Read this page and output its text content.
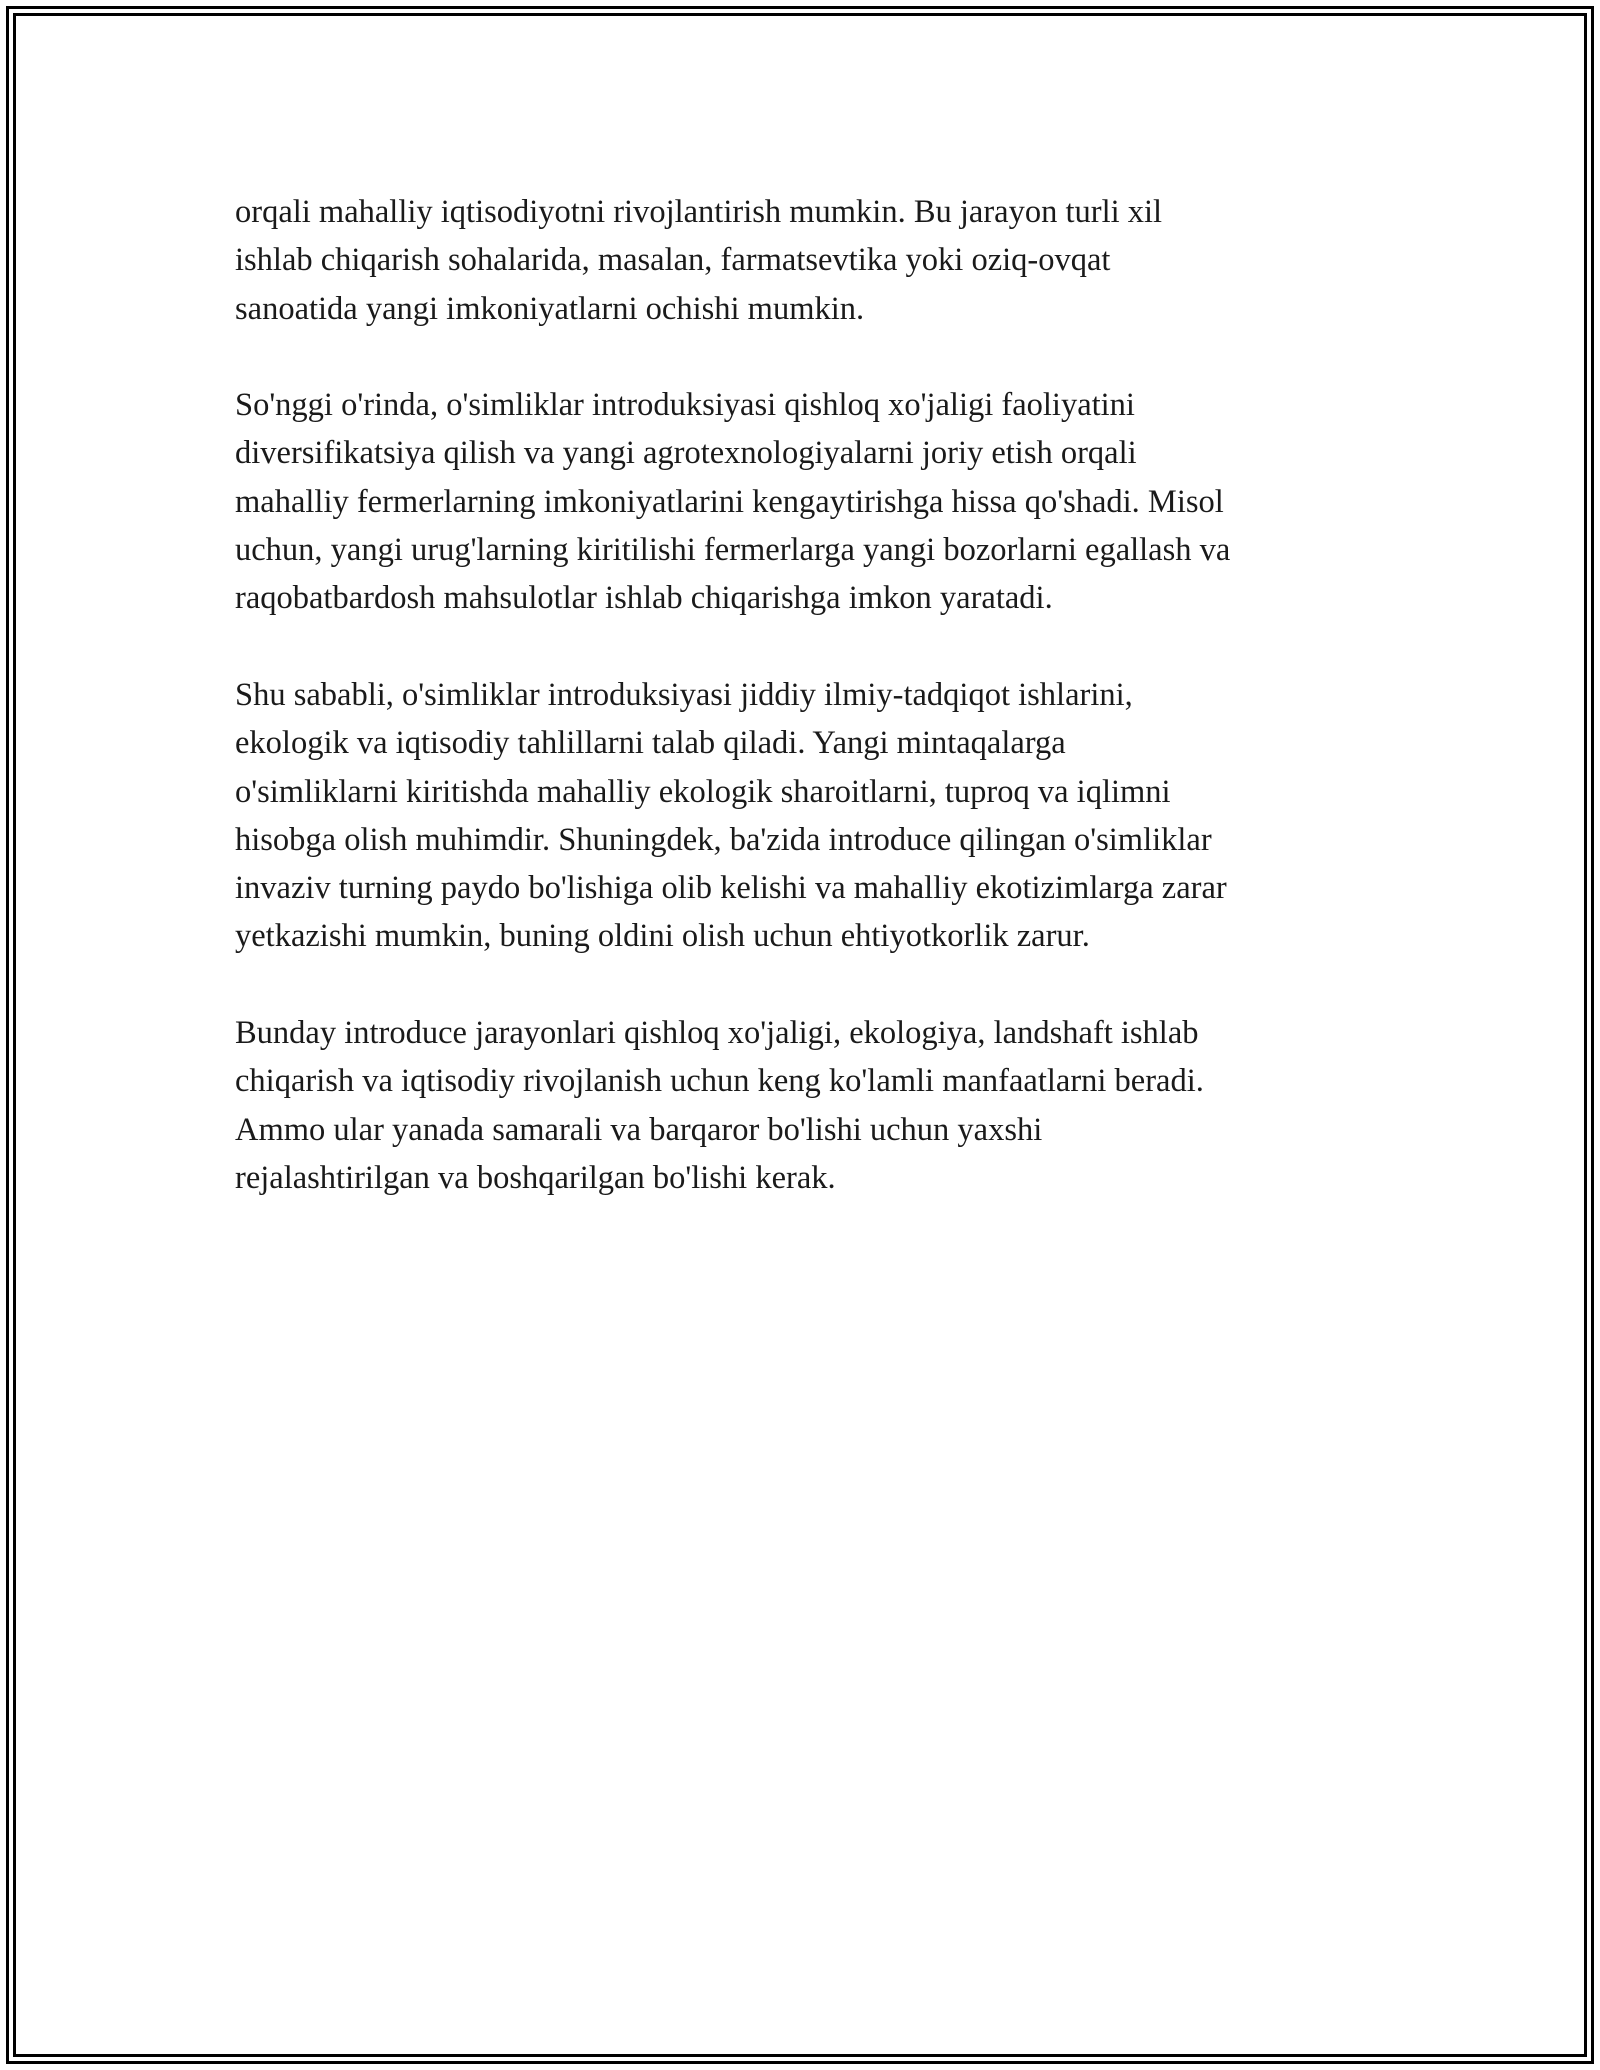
orqali mahalliy iqtisodiyotni rivojlantirish mumkin. Bu jarayon turli xil
ishlab chiqarish sohalarida, masalan, farmatsevtika yoki oziq-ovqat
sanoatida yangi imkoniyatlarni ochishi mumkin.

So'nggi o'rinda, o'simliklar introduksiyasi qishloq xo'jaligi faoliyatini
diversifikatsiya qilish va yangi agrotexnologiyalarni joriy etish orqali
mahalliy fermerlarning imkoniyatlarini kengaytirishga hissa qo'shadi. Misol
uchun, yangi urug'larning kiritilishi fermerlarga yangi bozorlarni egallash va
raqobatbardosh mahsulotlar ishlab chiqarishga imkon yaratadi.

Shu sababli, o'simliklar introduksiyasi jiddiy ilmiy-tadqiqot ishlarini,
ekologik va iqtisodiy tahlillarni talab qiladi. Yangi mintaqalarga
o'simliklarni kiritishda mahalliy ekologik sharoitlarni, tuproq va iqlimni
hisobga olish muhimdir. Shuningdek, ba'zida introduce qilingan o'simliklar
invaziv turning paydo bo'lishiga olib kelishi va mahalliy ekotizimlarga zarar
yetkazishi mumkin, buning oldini olish uchun ehtiyotkorlik zarur.

Bunday introduce jarayonlari qishloq xo'jaligi, ekologiya, landshaft ishlab
chiqarish va iqtisodiy rivojlanish uchun keng ko'lamli manfaatlarni beradi.
Ammo ular yanada samarali va barqaror bo'lishi uchun yaxshi
rejalashtirilgan va boshqarilgan bo'lishi kerak.
